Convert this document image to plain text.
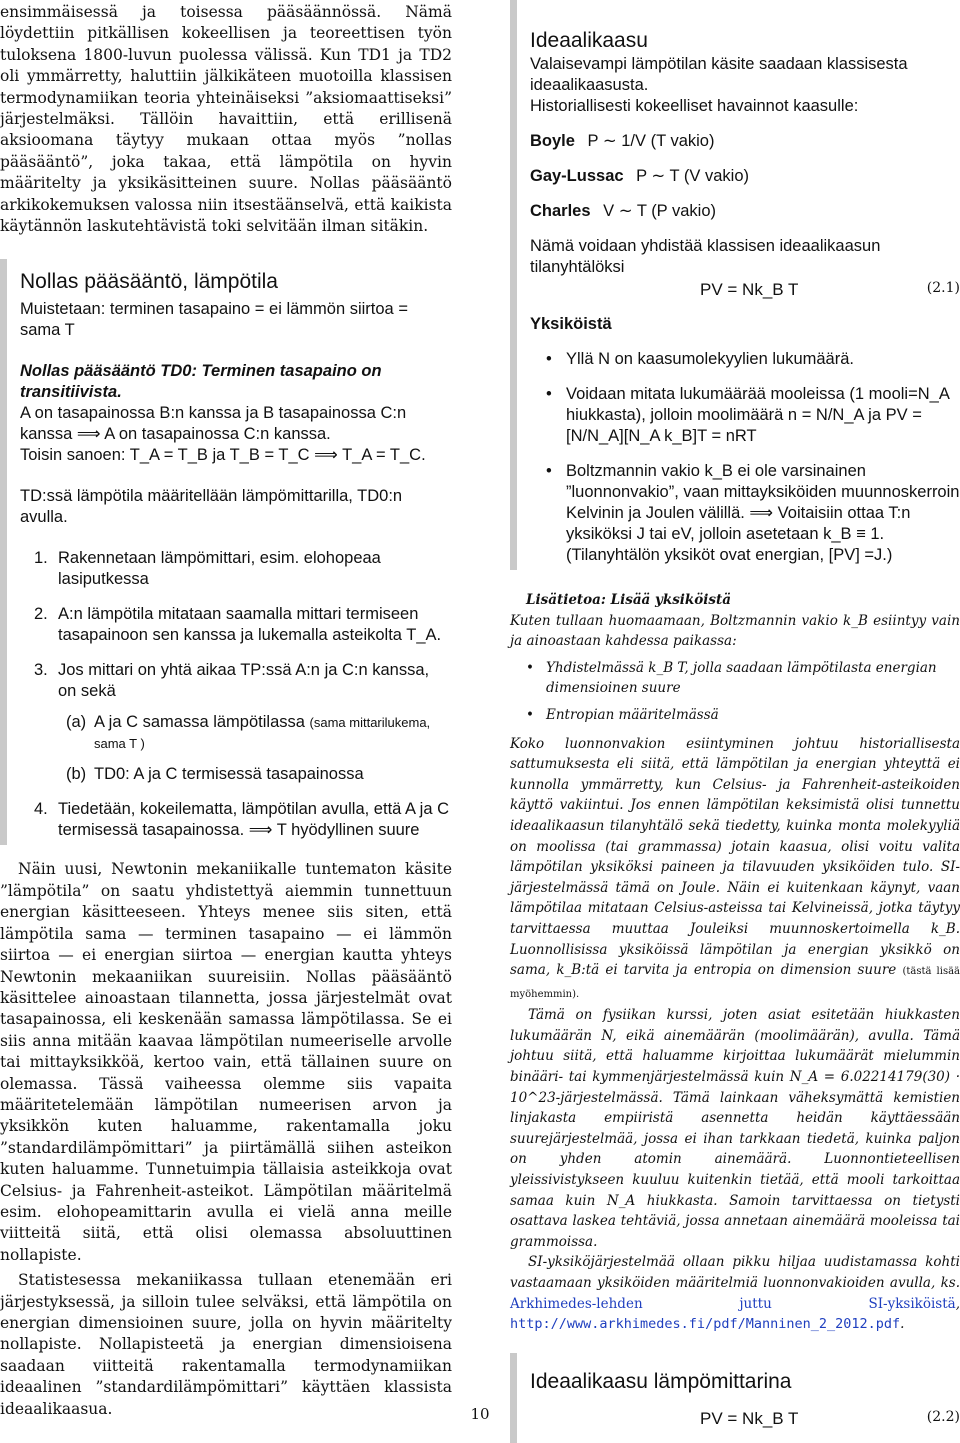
ensimmäisessä ja toisessa pääsäännössä. Nämä löydettiin pitkällisen kokeellisen ja teoreettisen työn tuloksena 1800-luvun puolessa välissä. Kun TD1 ja TD2 oli ymmärretty, haluttiin jälkikäteen muotoilla klassisen termodynamiikan teoria yhteinäiseksi ”aksiomaattiseksi” järjestelmäksi. Tällöin havaittiin, että erillisenä aksioomana täytyy mukaan ottaa myös ”nollas pääsääntö”, joka takaa, että lämpötila on hyvin määritelty ja yksikäsitteinen suure. Nollas pääsääntö arkikokemuksen valossa niin itsestäänselvä, että kaikista käytännön laskutehtävistä toki selvitään ilman sitäkin.

Nollas pääsääntö, lämpötila

Muistetaan: terminen tasapaino = ei lämmön siirtoa = sama T

Nollas pääsääntö TD0: Terminen tasapaino on transitiivista.

A on tasapainossa B:n kanssa ja B tasapainossa C:n kanssa ⟹ A on tasapainossa C:n kanssa.

Toisin sanoen: T_A = T_B ja T_B = T_C ⟹ T_A = T_C.

TD:ssä lämpötila määritellään lämpömittarilla, TD0:n avulla.

1. Rakennetaan lämpömittari, esim. elohopeaa lasiputkessa
2. A:n lämpötila mitataan saamalla mittari termiseen tasapainoon sen kanssa ja lukemalla asteikolta T_A.
3. Jos mittari on yhtä aikaa TP:ssä A:n ja C:n kanssa, on sekä
(a) A ja C samassa lämpötilassa (sama mittarilukema, sama T )
(b) TD0: A ja C termisessä tasapainossa
4. Tiedetään, kokeilematta, lämpötilan avulla, että A ja C termisessä tasapainossa. ⟹ T hyödyllinen suure

Näin uusi, Newtonin mekaniikalle tuntematon käsite ”lämpötila” on saatu yhdistettyä aiemmin tunnettuun energian käsitteeseen. Yhteys menee siis siten, että lämpötila sama — terminen tasapaino — ei lämmön siirtoa — ei energian siirtoa — energian kautta yhteys Newtonin mekaaniikan suureisiin. Nollas pääsääntö käsittelee ainoastaan tilannetta, jossa järjestelmät ovat tasapainossa, eli keskenään samassa lämpötilassa. Se ei siis anna mitään kaavaa lämpötilan numeeriselle arvolle tai mittayksikköä, kertoo vain, että tällainen suure on olemassa. Tässä vaiheessa olemme siis vapaita määritetelemään lämpötilan numeerisen arvon ja yksikkön kuten haluamme, rakentamalla joku ”standardilämpömittari” ja piirtämällä siihen asteikon kuten haluamme. Tunnetuimpia tällaisia asteikkoja ovat Celsius- ja Fahrenheit-asteikot. Lämpötilan määritelmä esim. elohopeamittarin avulla ei vielä anna meille viitteitä siitä, että olisi olemassa absoluuttinen nollapiste.

Statistesessa mekaniikassa tullaan etenemään eri järjestyksessä, ja silloin tulee selväksi, että lämpötila on energian dimensioinen suure, jolla on hyvin määritelty nollapiste. Nollapisteetä ja energian dimensioisena saadaan viitteitä rakentamalla termodynamiikan ideaalinen ”standardilämpömittari” käyttäen klassista ideaalikaasua.

Ideaalikaasu

Valaisevampi lämpötilan käsite saadaan klassisesta ideaalikaasusta.

Historiallisesti kokeelliset havainnot kaasulle:

Boyle P ∼ 1/V (T vakio)

Gay-Lussac P ∼ T (V vakio)

Charles V ∼ T (P vakio)

Nämä voidaan yhdistää klassisen ideaalikaasun tilanyhtälöksi

PV = Nk_B T	(2.1)

Yksiköistä

• Yllä N on kaasumolekyylien lukumäärä.
• Voidaan mitata lukumäärää mooleissa (1 mooli=N_A hiukkasta), jolloin moolimäärä n = N/N_A ja PV = [N/N_A][N_A k_B]T = nRT
• Boltzmannin vakio k_B ei ole varsinainen ”luonnonvakio”, vaan mittayksiköiden muunnoskerroin Kelvinin ja Joulen välillä. ⟹ Voitaisiin ottaa T:n yksiköksi J tai eV, jolloin asetetaan k_B ≡ 1. (Tilanyhtälön yksiköt ovat energian, [PV] =J.)

Lisätietoa: Lisää yksiköistä

Kuten tullaan huomaamaan, Boltzmannin vakio k_B esiintyy vain ja ainoastaan kahdessa paikassa:

• Yhdistelmässä k_B T, jolla saadaan lämpötilasta energian dimensioinen suure
• Entropian määritelmässä

Koko luonnonvakion esiintyminen johtuu historiallisesta sattumuksesta eli siitä, että lämpötilan ja energian yhteyttä ei kunnolla ymmärretty, kun Celsius- ja Fahrenheit-asteikoiden käyttö vakiintui. Jos ennen lämpötilan keksimistä olisi tunnettu ideaalikaasun tilanyhtälö sekä tiedetty, kuinka monta molekyyliä on moolissa (tai grammassa) jotain kaasua, olisi voitu valita lämpötilan yksiköksi paineen ja tilavuuden yksiköiden tulo. SI-järjestelmässä tämä on Joule. Näin ei kuitenkaan käynyt, vaan lämpötilaa mitataan Celsius-asteissa tai Kelvineissä, jotka täytyy tarvittaessa muuttaa Jouleiksi muunnoskertoimella k_B. Luonnollisissa yksiköissä lämpötilan ja energian yksikkö on sama, k_B:tä ei tarvita ja entropia on dimension suure (tästä lisää myöhemmin).

Tämä on fysiikan kurssi, joten asiat esitetään hiukkasten lukumäärän N, eikä ainemäärän (moolimäärän), avulla. Tämä johtuu siitä, että haluamme kirjoittaa lukumäärät mielummin binääri- tai kymmenjärjestelmässä kuin N_A = 6.02214179(30) · 10^23-järjestelmässä. Tämä lainkaan väheksymättä kemistien linjakasta empiiristä asennetta heidän käyttäessään suurejärjestelmää, jossa ei ihan tarkkaan tiedetä, kuinka paljon on yhden atomin ainemäärä. Luonnontieteellisen yleissivistykseen kuuluu kuitenkin tietää, että mooli tarkoittaa samaa kuin N_A hiukkasta. Samoin tarvittaessa on tietysti osattava laskea tehtäviä, jossa annetaan ainemäärä mooleissa tai grammoissa.

SI-yksiköjärjestelmää ollaan pikku hiljaa uudistamassa kohti vastaamaan yksiköiden määritelmiä luonnonvakioiden avulla, ks. Arkhimedes-lehden juttu SI-yksiköistä, http://www.arkhimedes.fi/pdf/Manninen_2_2012.pdf.

Ideaalikaasu lämpömittarina
PV = Nk_B T	(2.2)
10
